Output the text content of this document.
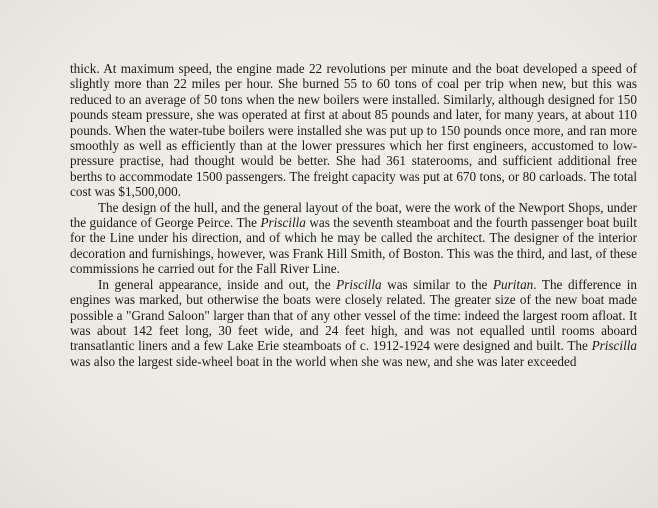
thick. At maximum speed, the engine made 22 revolutions per minute and the boat developed a speed of slightly more than 22 miles per hour. She burned 55 to 60 tons of coal per trip when new, but this was reduced to an average of 50 tons when the new boilers were installed. Similarly, although designed for 150 pounds steam pressure, she was operated at first at about 85 pounds and later, for many years, at about 110 pounds. When the water-tube boilers were installed she was put up to 150 pounds once more, and ran more smoothly as well as efficiently than at the lower pressures which her first engineers, accustomed to low-pressure practise, had thought would be better. She had 361 staterooms, and sufficient additional free berths to accommodate 1500 passengers. The freight capacity was put at 670 tons, or 80 carloads. The total cost was $1,500,000.

The design of the hull, and the general layout of the boat, were the work of the Newport Shops, under the guidance of George Peirce. The Priscilla was the seventh steamboat and the fourth passenger boat built for the Line under his direction, and of which he may be called the architect. The designer of the interior decoration and furnishings, however, was Frank Hill Smith, of Boston. This was the third, and last, of these commissions he carried out for the Fall River Line.

In general appearance, inside and out, the Priscilla was similar to the Puritan. The difference in engines was marked, but otherwise the boats were closely related. The greater size of the new boat made possible a "Grand Saloon" larger than that of any other vessel of the time: indeed the largest room afloat. It was about 142 feet long, 30 feet wide, and 24 feet high, and was not equalled until rooms aboard transatlantic liners and a few Lake Erie steamboats of c. 1912-1924 were designed and built. The Priscilla was also the largest side-wheel boat in the world when she was new, and she was later exceeded
